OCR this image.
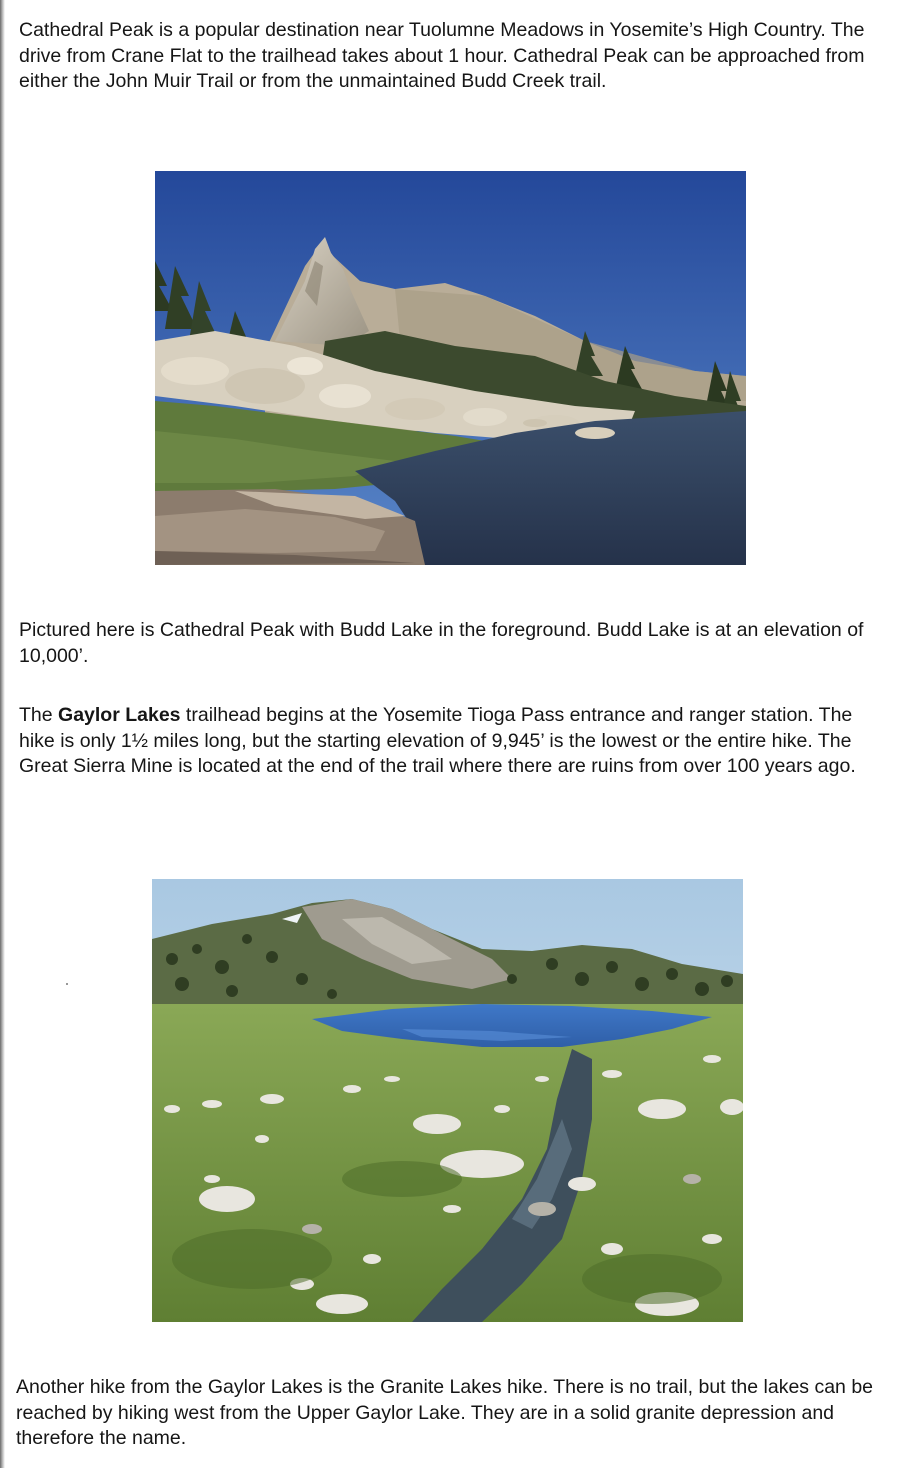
Cathedral Peak is a popular destination near Tuolumne Meadows in Yosemite’s High Country. The drive from Crane Flat to the trailhead takes about 1 hour. Cathedral Peak can be approached from either the John Muir Trail or from the unmaintained Budd Creek trail.

Pictured here is Cathedral Peak with Budd Lake in the foreground. Budd Lake is at an elevation of 10,000’.

The Gaylor Lakes trailhead begins at the Yosemite Tioga Pass entrance and ranger station. The hike is only 1½ miles long, but the starting elevation of 9,945’ is the lowest or the entire hike. The Great Sierra Mine is located at the end of the trail where there are ruins from over 100 years ago.

Another hike from the Gaylor Lakes is the Granite Lakes hike. There is no trail, but the lakes can be reached by hiking west from the Upper Gaylor Lake. They are in a solid granite depression and therefore the name.
